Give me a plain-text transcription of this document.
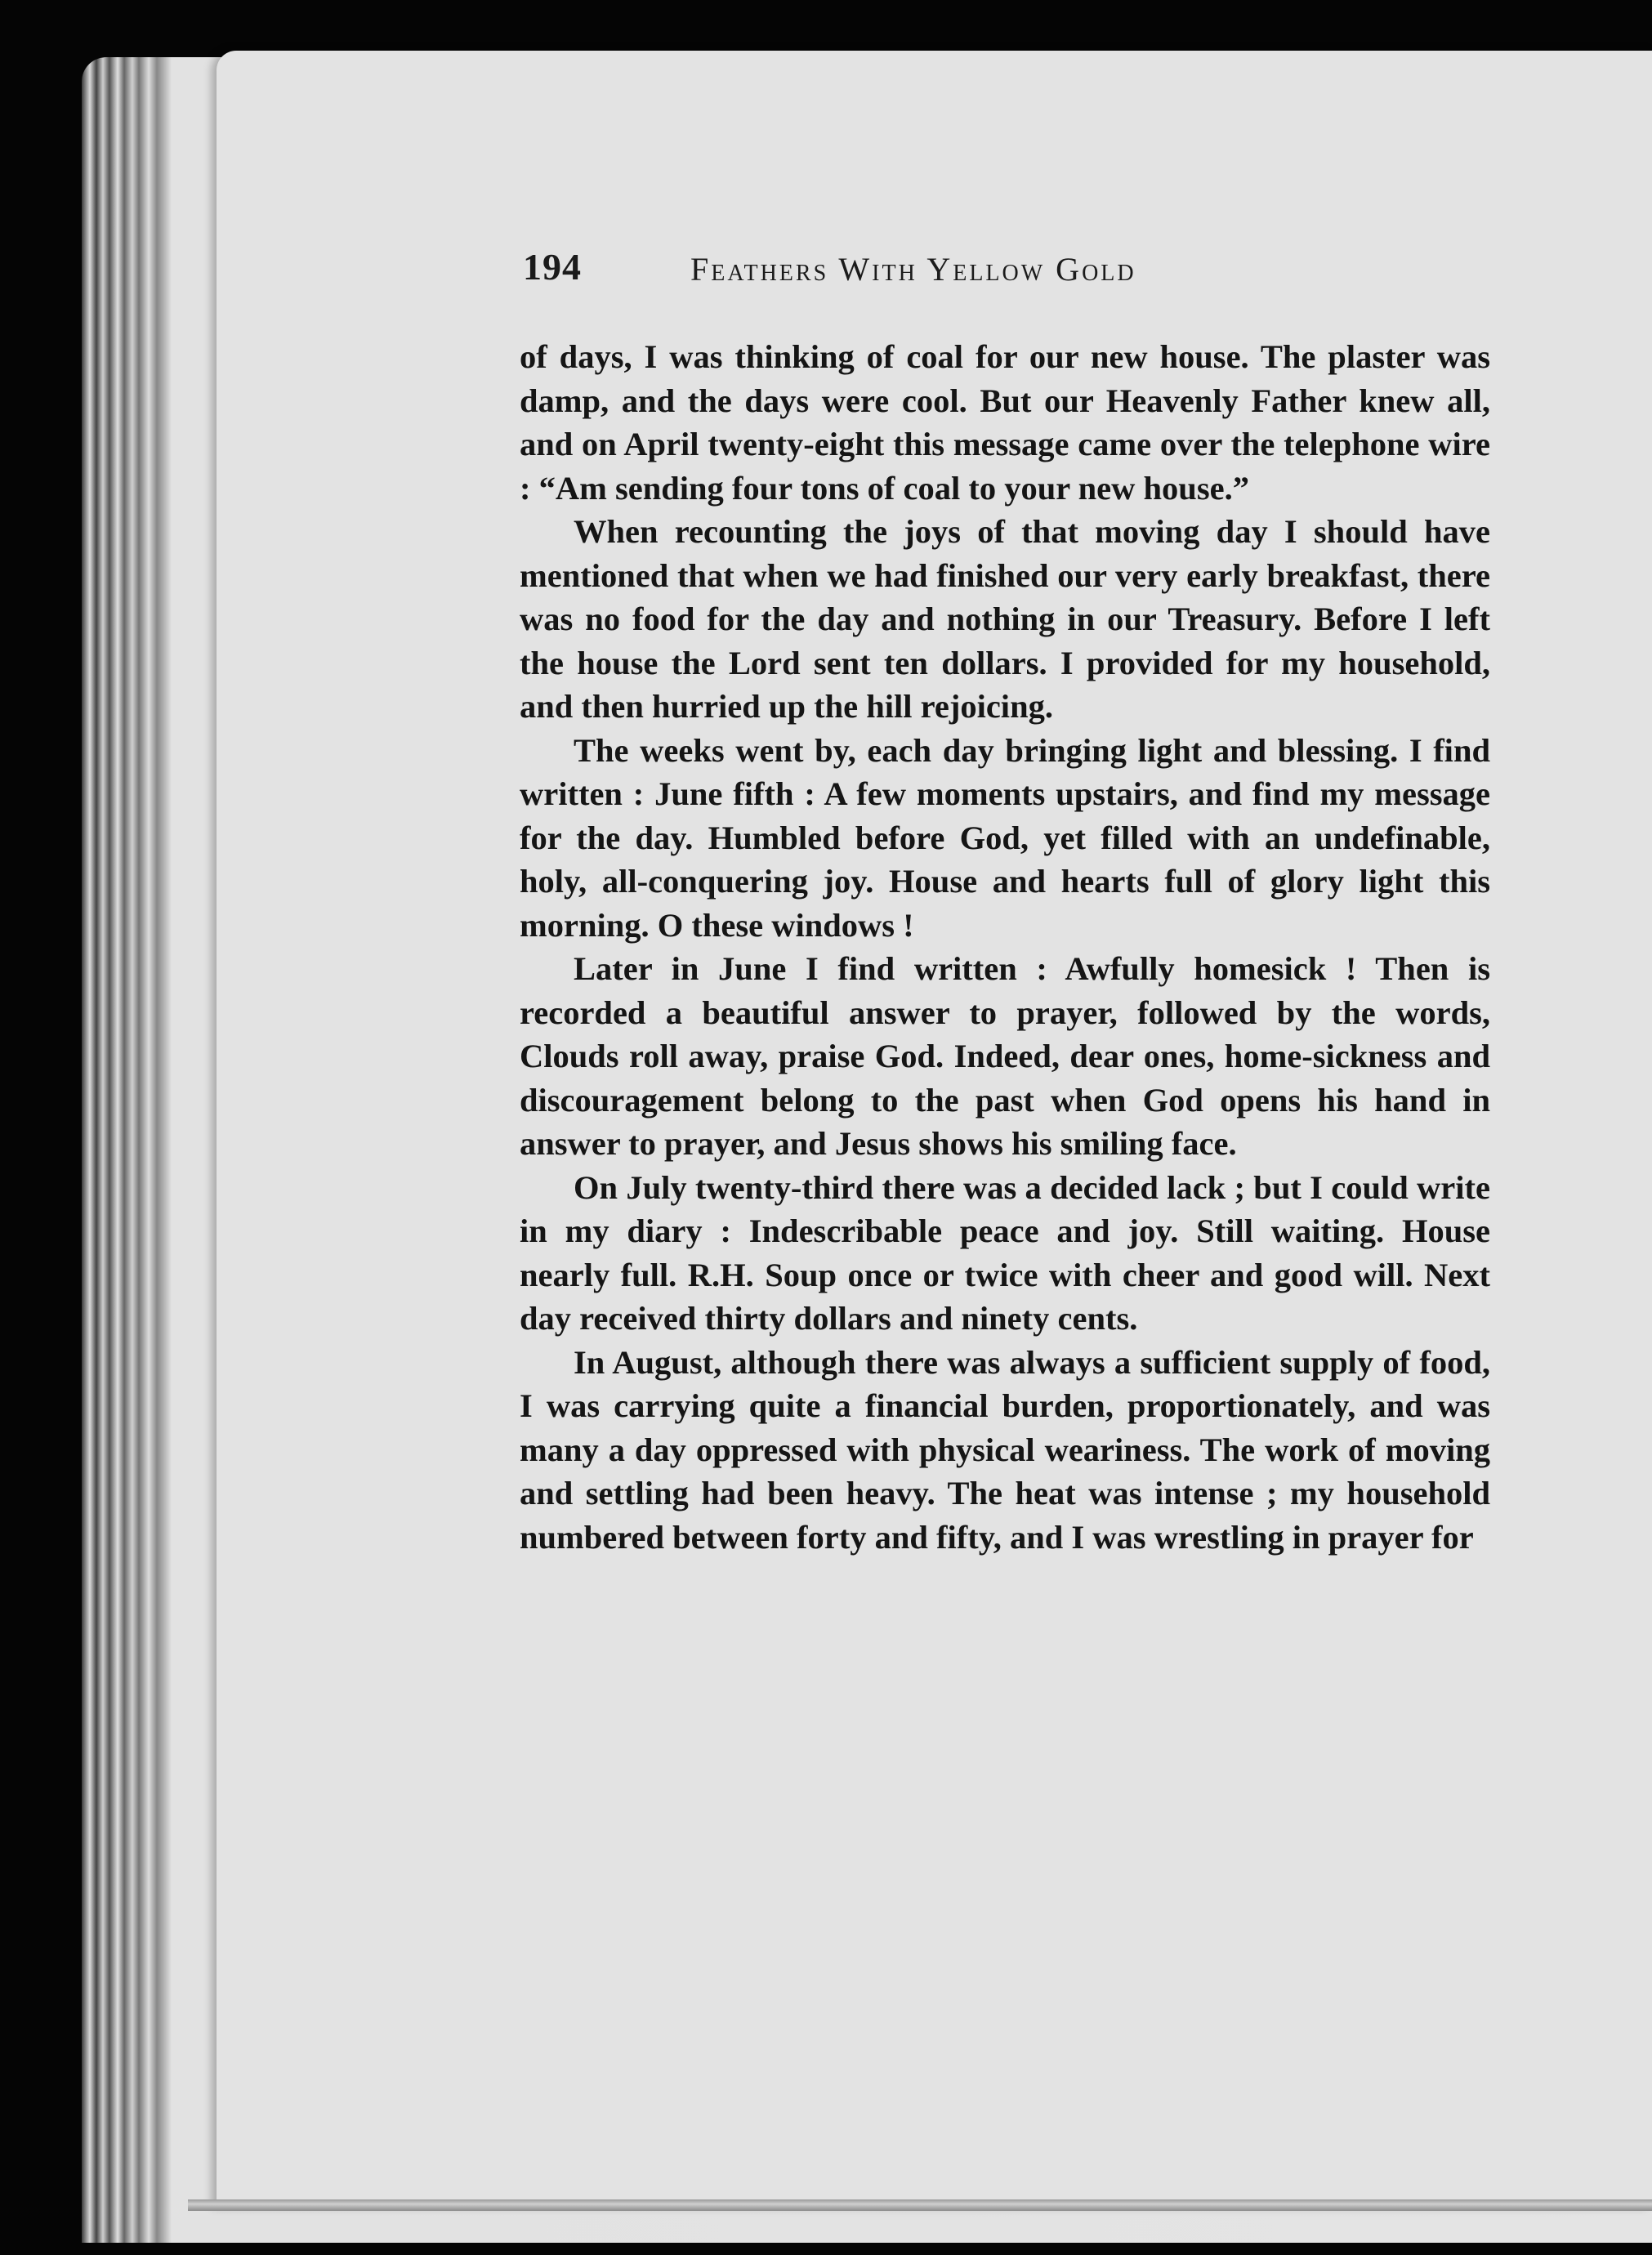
194	Feathers With Yellow Gold

of days, I was thinking of coal for our new house. The plaster was damp, and the days were cool. But our Heavenly Father knew all, and on April twenty-eight this message came over the telephone wire : “Am sending four tons of coal to your new house.”

When recounting the joys of that moving day I should have mentioned that when we had finished our very early breakfast, there was no food for the day and nothing in our Treasury. Before I left the house the Lord sent ten dollars. I provided for my household, and then hurried up the hill rejoicing.

The weeks went by, each day bringing light and blessing. I find written : June fifth : A few moments upstairs, and find my message for the day. Humbled before God, yet filled with an undefinable, holy, all-conquering joy. House and hearts full of glory light this morning. O these windows !

Later in June I find written : Awfully homesick ! Then is recorded a beautiful answer to prayer, followed by the words, Clouds roll away, praise God. Indeed, dear ones, home-sickness and discouragement belong to the past when God opens his hand in answer to prayer, and Jesus shows his smiling face.

On July twenty-third there was a decided lack ; but I could write in my diary : Indescribable peace and joy. Still waiting. House nearly full. R.H. Soup once or twice with cheer and good will. Next day received thirty dollars and ninety cents.

In August, although there was always a sufficient supply of food, I was carrying quite a financial burden, proportionately, and was many a day oppressed with physical weariness. The work of moving and settling had been heavy. The heat was intense ; my household numbered between forty and fifty, and I was wrestling in prayer for
